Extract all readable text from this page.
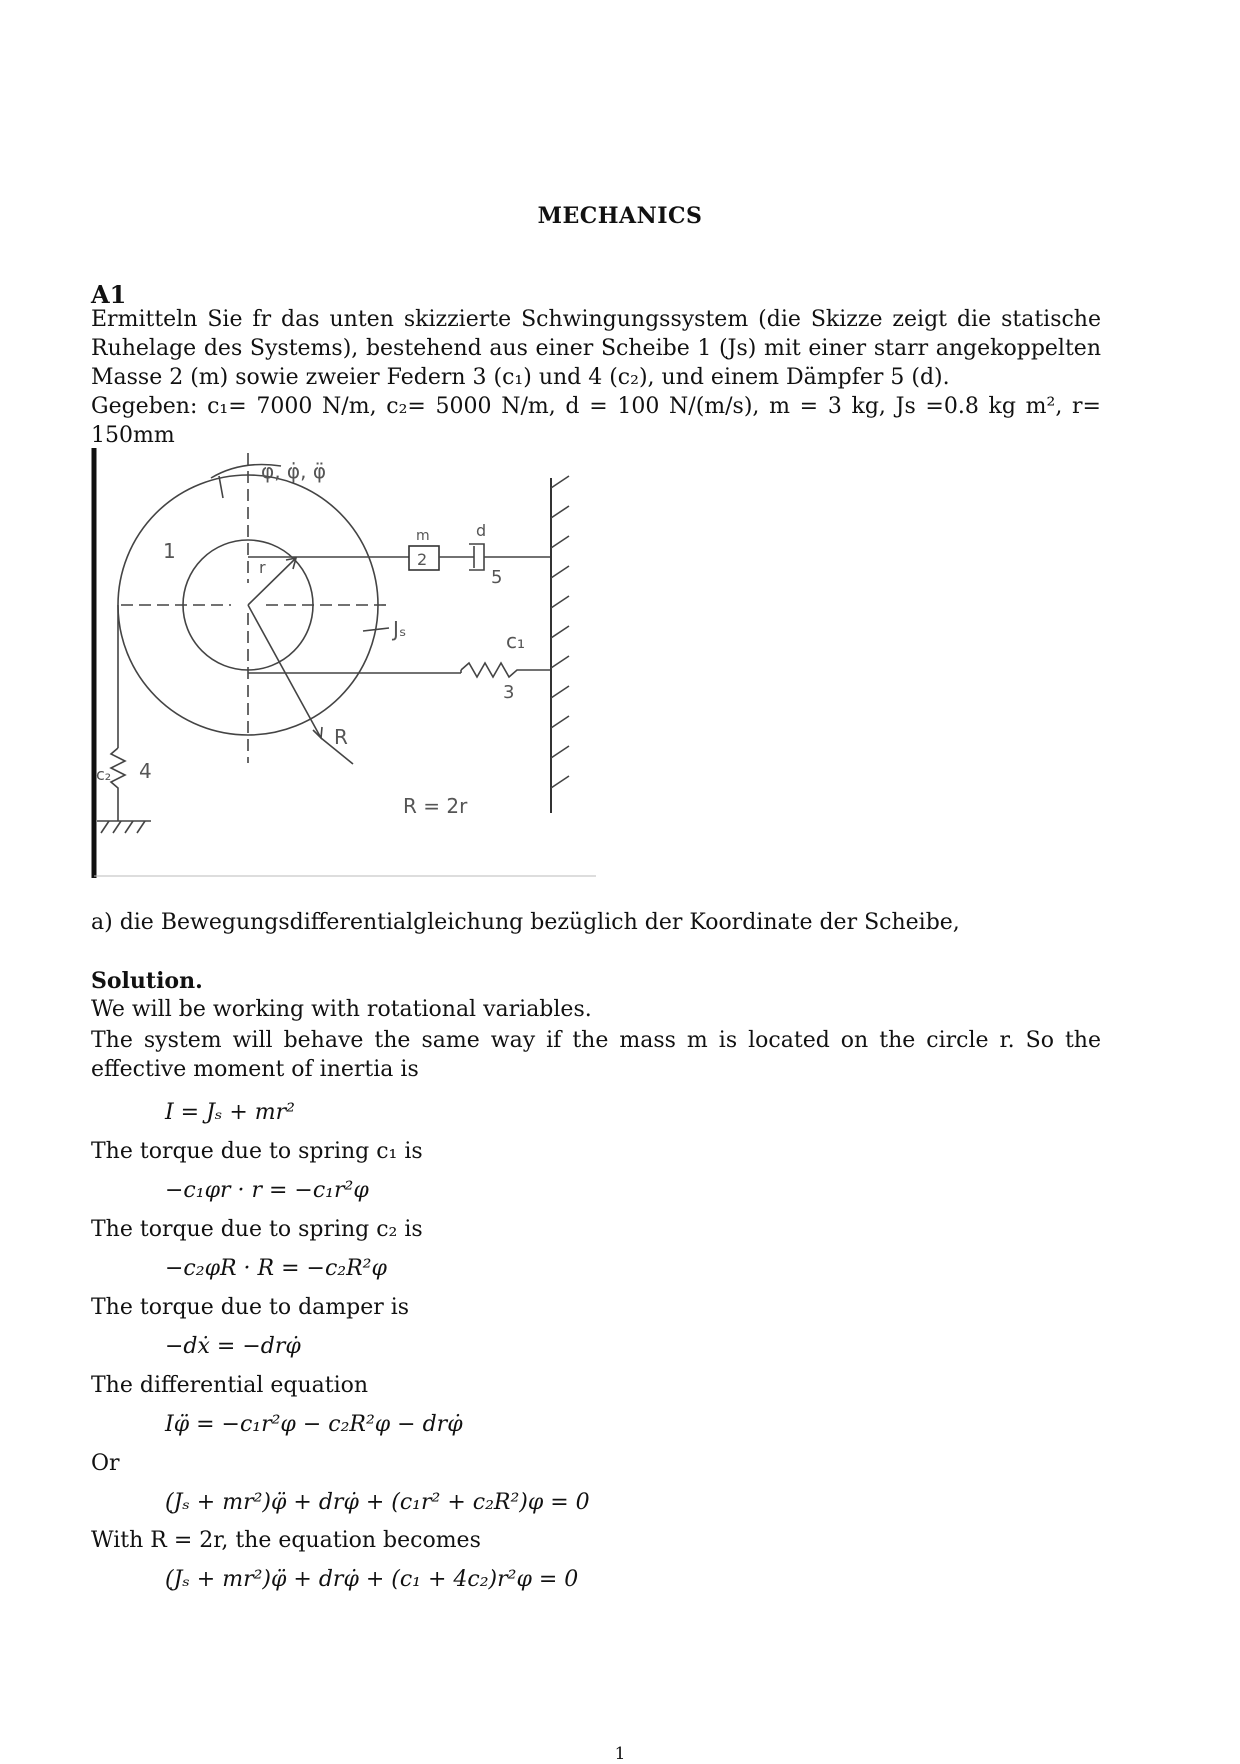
MECHANICS
A1
Ermitteln Sie fr das unten skizzierte Schwingungssystem (die Skizze zeigt die statische Ruhelage des Systems), bestehend aus einer Scheibe 1 (Js) mit einer starr angekoppelten Masse 2 (m) sowie zweier Federn 3 (c₁) und 4 (c₂), und einem Dämpfer 5 (d).
Gegeben: c₁= 7000 N/m, c₂= 5000 N/m, d = 100 N/(m/s), m = 3 kg, Js =0.8 kg m², r= 150mm
φ, φ̇, φ̈
1
m
2
d
5
Jₛ	c₁
3
r
R
c₂ 4
R = 2r
a) die Bewegungsdifferentialgleichung bezüglich der Koordinate der Scheibe,
Solution.
We will be working with rotational variables.
The system will behave the same way if the mass m is located on the circle r. So the effective moment of inertia is
I = Jₛ + mr²
The torque due to spring c₁ is
−c₁φr · r = −c₁r²φ
The torque due to spring c₂ is
−c₂φR · R = −c₂R²φ
The torque due to damper is
−dẋ = −drφ̇
The differential equation
Iφ̈ = −c₁r²φ − c₂R²φ − drφ̇
Or
(Jₛ + mr²)φ̈ + drφ̇ + (c₁r² + c₂R²)φ = 0
With R = 2r, the equation becomes
(Jₛ + mr²)φ̈ + drφ̇ + (c₁ + 4c₂)r²φ = 0
1
